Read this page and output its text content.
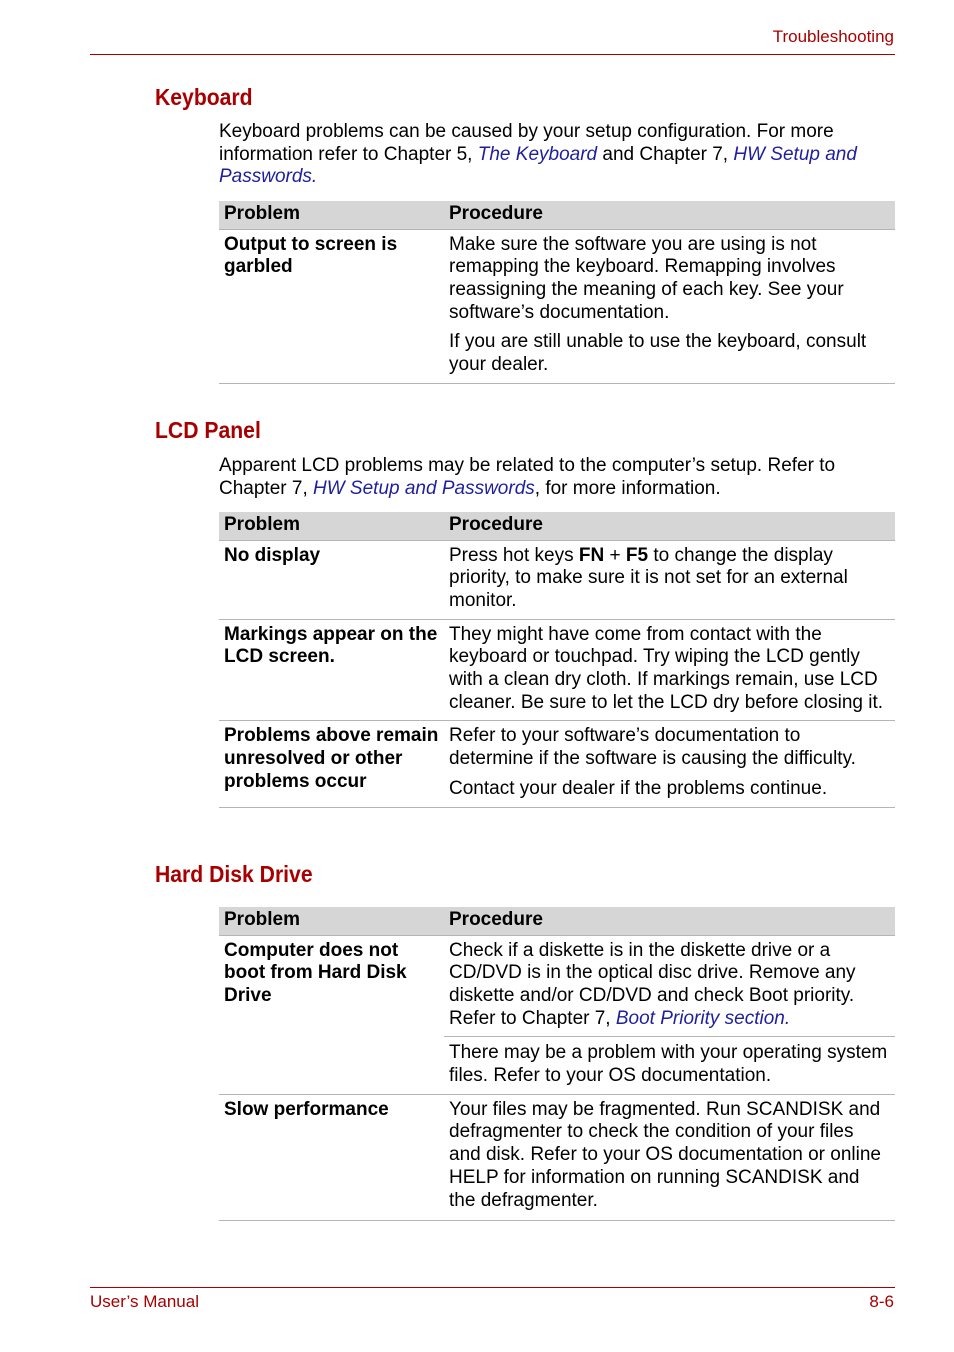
Troubleshooting
Keyboard
Keyboard problems can be caused by your setup configuration. For more information refer to Chapter 5, The Keyboard and Chapter 7, HW Setup and Passwords.
Problem	Procedure
Output to screen is garbled	Make sure the software you are using is not remapping the keyboard. Remapping involves reassigning the meaning of each key. See your software’s documentation.

If you are still unable to use the keyboard, consult your dealer.

LCD Panel
Apparent LCD problems may be related to the computer’s setup. Refer to Chapter 7, HW Setup and Passwords, for more information.
Problem	Procedure
No display	Press hot keys FN + F5 to change the display priority, to make sure it is not set for an external monitor.
Markings appear on the LCD screen.	They might have come from contact with the keyboard or touchpad. Try wiping the LCD gently with a clean dry cloth. If markings remain, use LCD cleaner. Be sure to let the LCD dry before closing it.

Problems above remain unresolved or other problems occur	Refer to your software’s documentation to determine if the software is causing the difficulty.

Contact your dealer if the problems continue.

Hard Disk Drive
Problem	Procedure
Computer does not boot from Hard Disk Drive	Check if a diskette is in the diskette drive or a CD/DVD is in the optical disc drive. Remove any diskette and/or CD/DVD and check Boot priority. Refer to Chapter 7, Boot Priority section.
There may be a problem with your operating system files. Refer to your OS documentation.

Slow performance	Your files may be fragmented. Run SCANDISK and defragmenter to check the condition of your files and disk. Refer to your OS documentation or online HELP for information on running SCANDISK and the defragmenter.

User’s Manual	8-6
